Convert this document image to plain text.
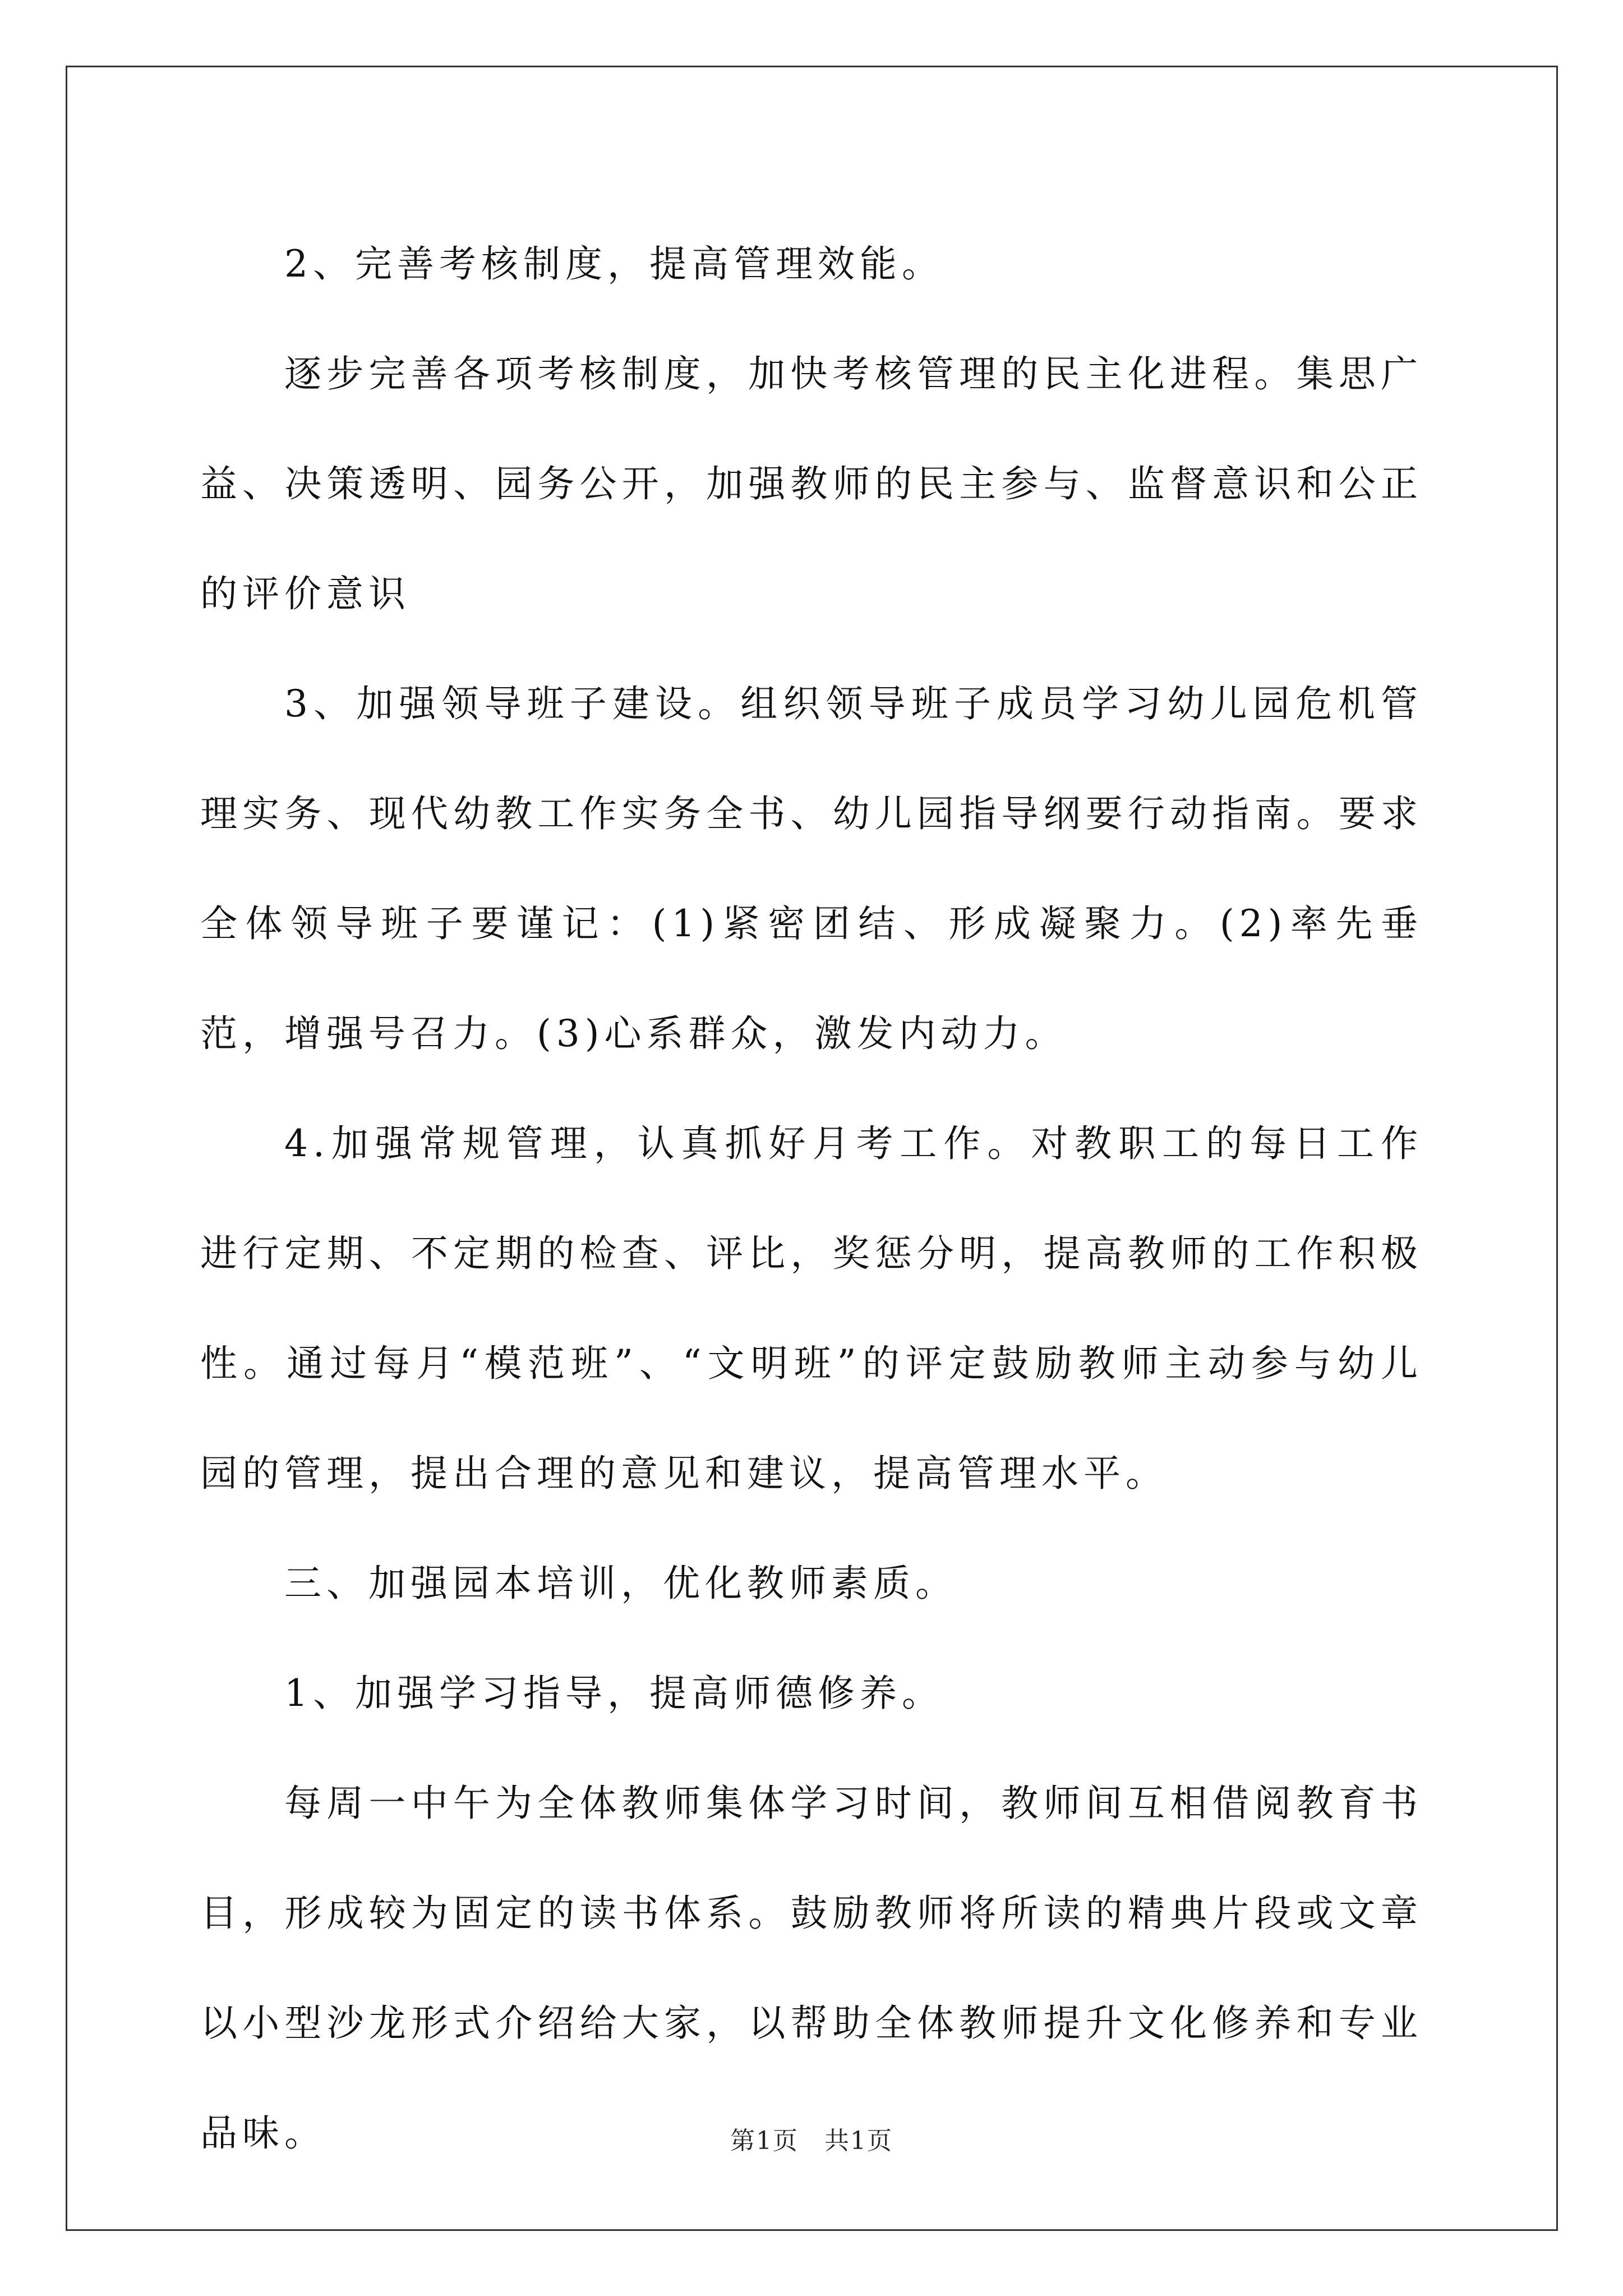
2、完善考核制度，提高管理效能。

逐步完善各项考核制度，加快考核管理的民主化进程。集思广益、决策透明、园务公开，加强教师的民主参与、监督意识和公正的评价意识

3、加强领导班子建设。组织领导班子成员学习幼儿园危机管理实务、现代幼教工作实务全书、幼儿园指导纲要行动指南。要求全体领导班子要谨记：(1)紧密团结、形成凝聚力。(2)率先垂范，增强号召力。(3)心系群众，激发内动力。

4.加强常规管理，认真抓好月考工作。对教职工的每日工作进行定期、不定期的检查、评比，奖惩分明，提高教师的工作积极性。通过每月“模范班”、“文明班”的评定鼓励教师主动参与幼儿园的管理，提出合理的意见和建议，提高管理水平。

三、加强园本培训，优化教师素质。

1、加强学习指导，提高师德修养。

每周一中午为全体教师集体学习时间，教师间互相借阅教育书目，形成较为固定的读书体系。鼓励教师将所读的精典片段或文章以小型沙龙形式介绍给大家，以帮助全体教师提升文化修养和专业品味。	第1页　共1页
